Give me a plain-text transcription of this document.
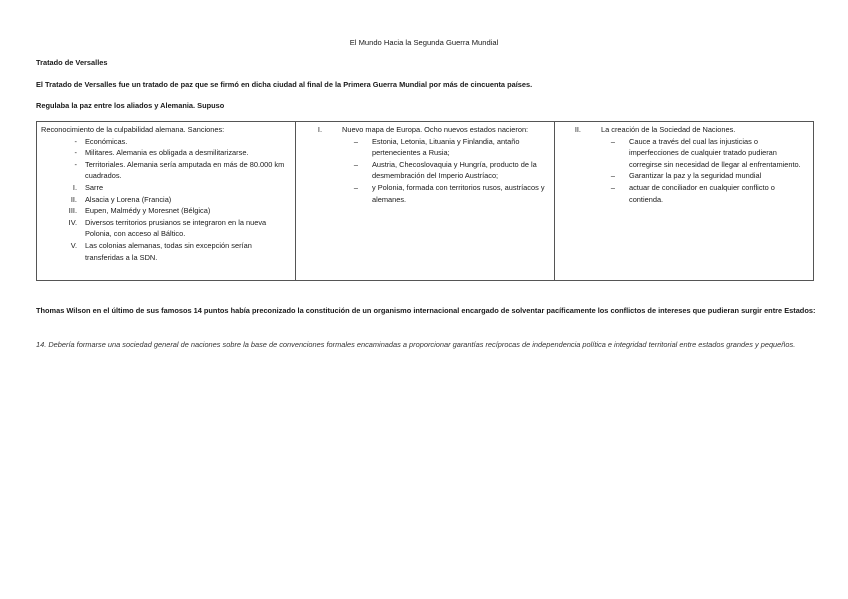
El Mundo Hacia la Segunda Guerra Mundial
Tratado de Versalles
El Tratado de Versalles fue un tratado de paz que se firmó en dicha ciudad al final de la Primera Guerra Mundial por más de cincuenta países.
Regulaba la paz entre los aliados y Alemania. Supuso
Reconocimiento de la culpabilidad alemana. Sanciones:
-	Económicas.
-	Militares. Alemania es obligada a desmilitarizarse.
-	Territoriales. Alemania sería amputada en más de 80.000 km cuadrados.
I.	Sarre
II.	Alsacia y Lorena (Francia)
III.	Eupen, Malmédy y Moresnet (Bélgica)
IV.	Diversos territorios prusianos se integraron en la nueva Polonia, con acceso al Báltico.
V.	Las colonias alemanas, todas sin excepción serían transferidas a la SDN.

I.	Nuevo mapa de Europa. Ocho nuevos estados nacieron:
–	Estonia, Letonia, Lituania y Finlandia, antaño pertenecientes a Rusia;
–	Austria, Checoslovaquia y Hungría, producto de la desmembración del Imperio Austríaco;
–	y Polonia, formada con territorios rusos, austríacos y alemanes.

II.	La creación de la Sociedad de Naciones.
–	Cauce a través del cual las injusticias o imperfecciones de cualquier tratado pudieran corregirse sin necesidad de llegar al enfrentamiento.
–	Garantizar la paz y la seguridad mundial
–	actuar de conciliador en cualquier conflicto o contienda.
Thomas Wilson en el último de sus famosos 14 puntos había preconizado la constitución de un organismo internacional encargado de solventar pacíficamente los conflictos de intereses que pudieran surgir entre Estados:
14. Debería formarse una sociedad general de naciones sobre la base de convenciones formales encaminadas a proporcionar garantías recíprocas de independencia política e integridad territorial entre estados grandes y pequeños.
